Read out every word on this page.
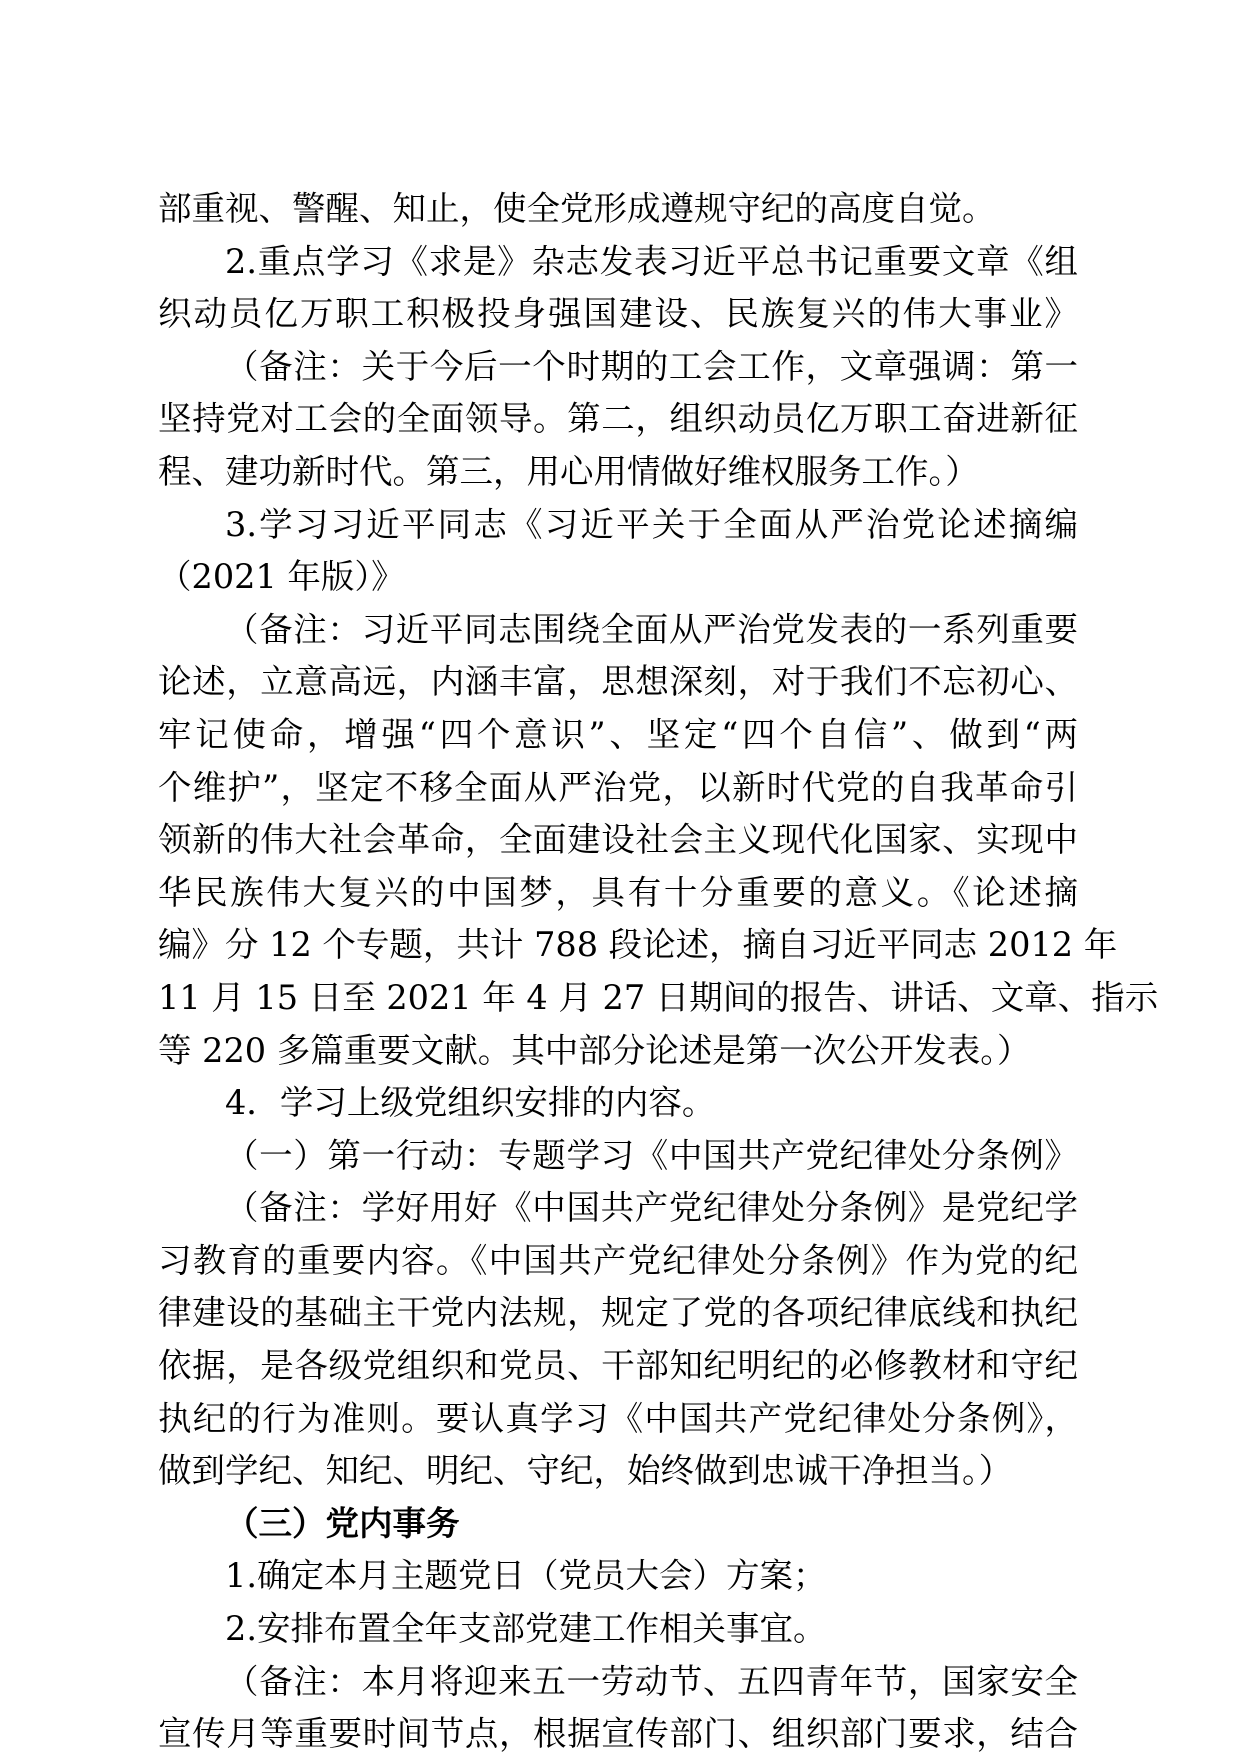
部重视、警醒、知止，使全党形成遵规守纪的高度自觉。
2.重点学习《求是》杂志发表习近平总书记重要文章《组
织动员亿万职工积极投身强国建设、民族复兴的伟大事业》
（备注：关于今后一个时期的工会工作，文章强调：第一
坚持党对工会的全面领导。第二，组织动员亿万职工奋进新征
程、建功新时代。第三，用心用情做好维权服务工作。）
3.学习习近平同志《习近平关于全面从严治党论述摘编
（2021 年版）》
（备注：习近平同志围绕全面从严治党发表的一系列重要
论述，立意高远，内涵丰富，思想深刻，对于我们不忘初心、
牢记使命，增强“四个意识”、坚定“四个自信”、做到“两
个维护”，坚定不移全面从严治党，以新时代党的自我革命引
领新的伟大社会革命，全面建设社会主义现代化国家、实现中
华民族伟大复兴的中国梦，具有十分重要的意义。《论述摘
编》分 12 个专题，共计 788 段论述，摘自习近平同志 2012 年
11 月 15 日至 2021 年 4 月 27 日期间的报告、讲话、文章、指示
等 220 多篇重要文献。其中部分论述是第一次公开发表。）
4．学习上级党组织安排的内容。
（一）第一行动：专题学习《中国共产党纪律处分条例》
（备注：学好用好《中国共产党纪律处分条例》是党纪学
习教育的重要内容。《中国共产党纪律处分条例》作为党的纪
律建设的基础主干党内法规，规定了党的各项纪律底线和执纪
依据，是各级党组织和党员、干部知纪明纪的必修教材和守纪
执纪的行为准则。要认真学习《中国共产党纪律处分条例》，
做到学纪、知纪、明纪、守纪，始终做到忠诚干净担当。）
（三）党内事务
1.确定本月主题党日（党员大会）方案；
2.安排布置全年支部党建工作相关事宜。
（备注：本月将迎来五一劳动节、五四青年节，国家安全
宣传月等重要时间节点，根据宣传部门、组织部门要求，结合
